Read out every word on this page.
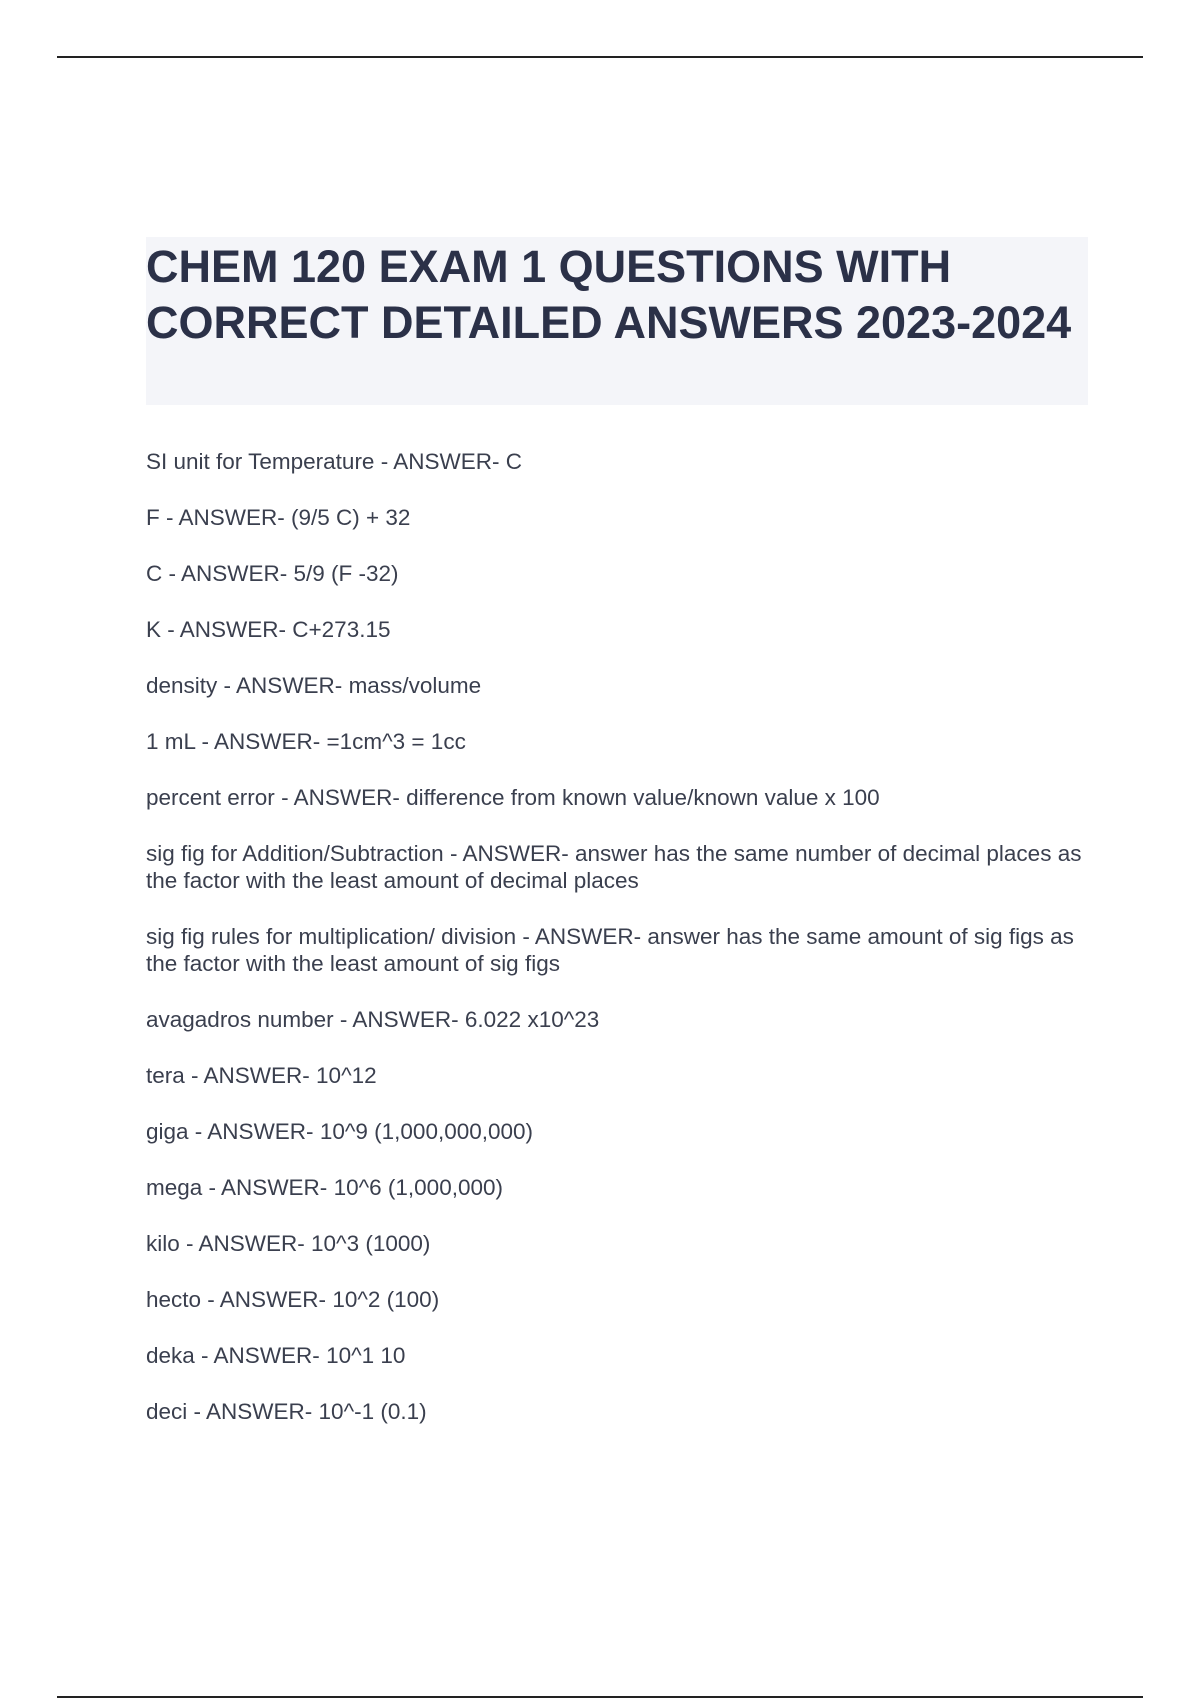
CHEM 120 EXAM 1 QUESTIONS WITH CORRECT DETAILED ANSWERS 2023-2024
SI unit for Temperature - ANSWER- C
F - ANSWER- (9/5 C) + 32
C - ANSWER- 5/9 (F -32)
K - ANSWER- C+273.15
density - ANSWER- mass/volume
1 mL - ANSWER- =1cm^3 = 1cc
percent error - ANSWER- difference from known value/known value x 100
sig fig for Addition/Subtraction - ANSWER- answer has the same number of decimal places as the factor with the least amount of decimal places
sig fig rules for multiplication/ division - ANSWER- answer has the same amount of sig figs as the factor with the least amount of sig figs
avagadros number - ANSWER- 6.022 x10^23
tera - ANSWER- 10^12
giga - ANSWER- 10^9 (1,000,000,000)
mega - ANSWER- 10^6 (1,000,000)
kilo - ANSWER- 10^3 (1000)
hecto - ANSWER- 10^2 (100)
deka - ANSWER- 10^1 10
deci - ANSWER- 10^-1 (0.1)
